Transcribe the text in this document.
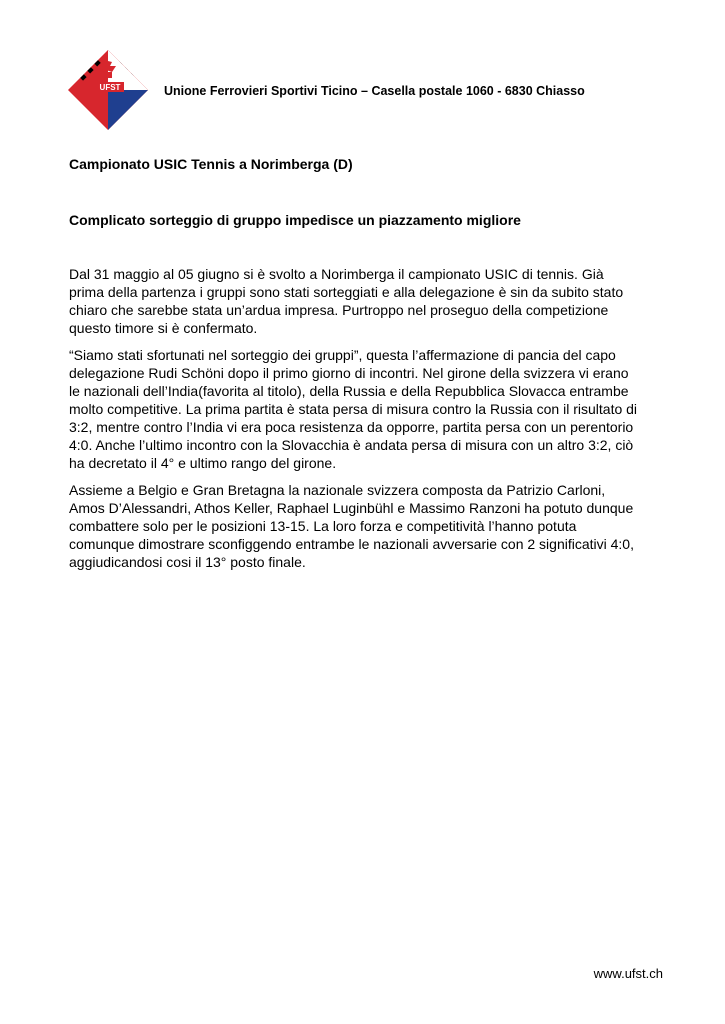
UFST	Unione Ferrovieri Sportivi Ticino – Casella postale 1060 - 6830 Chiasso
Campionato USIC Tennis a Norimberga (D)
Complicato sorteggio di gruppo impedisce un piazzamento migliore

Dal 31 maggio al 05 giugno si è svolto a Norimberga il campionato USIC di tennis. Già
prima della partenza i gruppi sono stati sorteggiati e alla delegazione è sin da subito stato
chiaro che sarebbe stata un’ardua impresa. Purtroppo nel proseguo della competizione
questo timore si è confermato.

“Siamo stati sfortunati nel sorteggio dei gruppi”, questa l’affermazione di pancia del capo
delegazione Rudi Schöni dopo il primo giorno di incontri. Nel girone della svizzera vi erano
le nazionali dell’India(favorita al titolo), della Russia e della Repubblica Slovacca entrambe
molto competitive. La prima partita è stata persa di misura contro la Russia con il risultato di
3:2, mentre contro l’India vi era poca resistenza da opporre, partita persa con un perentorio
4:0. Anche l’ultimo incontro con la Slovacchia è andata persa di misura con un altro 3:2, ciò
ha decretato il 4° e ultimo rango del girone.

Assieme a Belgio e Gran Bretagna la nazionale svizzera composta da Patrizio Carloni,
Amos D’Alessandri, Athos Keller, Raphael Luginbühl e Massimo Ranzoni ha potuto dunque
combattere solo per le posizioni 13-15. La loro forza e competitività l’hanno potuta
comunque dimostrare sconfiggendo entrambe le nazionali avversarie con 2 significativi 4:0,
aggiudicandosi cosi il 13° posto finale.

www.ufst.ch
